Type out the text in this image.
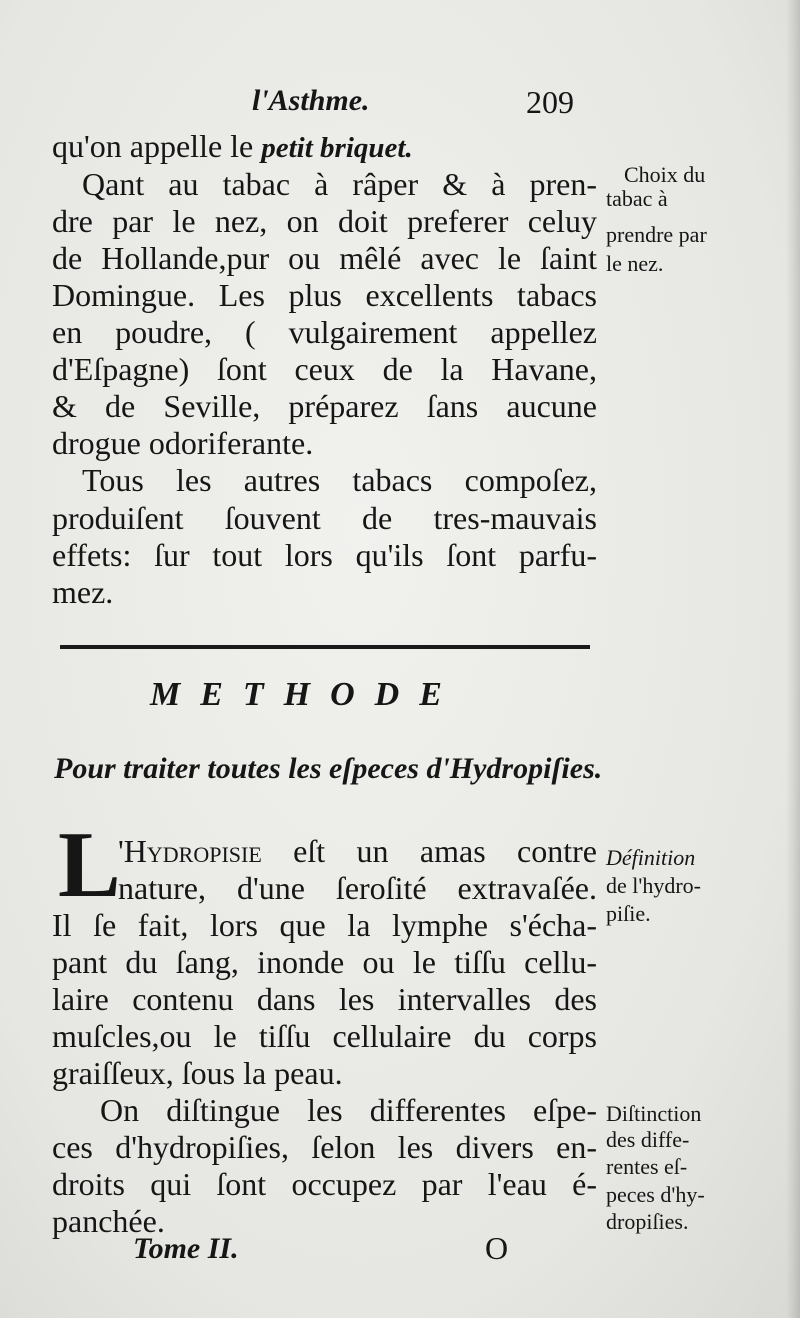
l'Asthme.	209
qu'on appelle le petit briquet.
Qant au tabac à râper & à pren-
dre par le nez, on doit preferer celuy
de Hollande,pur ou mêlé avec le ſaint
Domingue. Les plus excellents tabacs
en poudre, ( vulgairement appellez
d'Eſpagne) ſont ceux de la Havane,
& de Seville, préparez ſans aucune
drogue odoriferante.
Tous les autres tabacs compoſez,
produiſent ſouvent de tres-mauvais
effets: ſur tout lors qu'ils ſont parfu-
mez.
Choix du
tabac à
prendre par
le nez.
METHODE
Pour traiter toutes les eſpeces d'Hydropiſies.
L
'Hydropisie eſt un amas contre
nature, d'une ſeroſité extravaſée.
Il ſe fait, lors que la lymphe s'écha-
pant du ſang, inonde ou le tiſſu cellu-
laire contenu dans les intervalles des
muſcles,ou le tiſſu cellulaire du corps
graiſſeux, ſous la peau.
On diſtingue les differentes eſpe-
ces d'hydropiſies, ſelon les divers en-
droits qui ſont occupez par l'eau é-
panchée.
Définition
de l'hydro-
piſie.
Diſtinction
des diffe-
rentes eſ-
peces d'hy-
dropiſies.
Tome II.	O
